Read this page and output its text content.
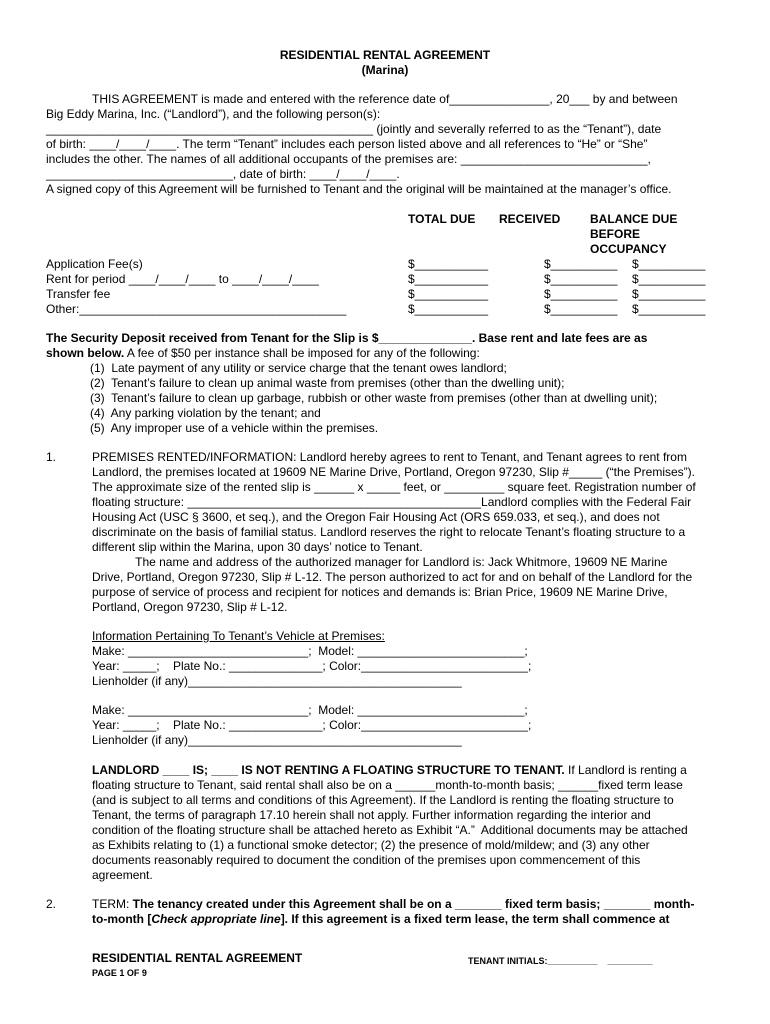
RESIDENTIAL RENTAL AGREEMENT
(Marina)
THIS AGREEMENT is made and entered with the reference date of_______________, 20___ by and between
Big Eddy Marina, Inc. (“Landlord”), and the following person(s):
_________________________________________________ (jointly and severally referred to as the “Tenant”), date
of birth: ____/____/____. The term “Tenant” includes each person listed above and all references to “He” or “She”
includes the other. The names of all additional occupants of the premises are: ____________________________,
____________________________, date of birth: ____/____/____.
A signed copy of this Agreement will be furnished to Tenant and the original will be maintained at the manager’s office.
TOTAL DUE RECEIVED BALANCE DUE
BEFORE
OCCUPANCY
Application Fee(s)	$___________	$__________ $__________
Rent for period ____/____/____ to ____/____/____	$___________	$__________ $__________
Transfer fee	$___________	$__________ $__________
Other:________________________________________	$___________	$__________ $__________
The Security Deposit received from Tenant for the Slip is $______________. Base rent and late fees are as
shown below. A fee of $50 per instance shall be imposed for any of the following:
(1)  Late payment of any utility or service charge that the tenant owes landlord;
(2)  Tenant’s failure to clean up animal waste from premises (other than the dwelling unit);
(3)  Tenant’s failure to clean up garbage, rubbish or other waste from premises (other than at dwelling unit);
(4)  Any parking violation by the tenant; and
(5)  Any improper use of a vehicle within the premises.
1.	PREMISES RENTED/INFORMATION: Landlord hereby agrees to rent to Tenant, and Tenant agrees to rent from
Landlord, the premises located at 19609 NE Marine Drive, Portland, Oregon 97230, Slip #_____ (“the Premises”).
The approximate size of the rented slip is ______ x _____ feet, or _________ square feet. Registration number of
floating structure: ____________________________________________Landlord complies with the Federal Fair
Housing Act (USC § 3600, et seq.), and the Oregon Fair Housing Act (ORS 659.033, et seq.), and does not
discriminate on the basis of familial status. Landlord reserves the right to relocate Tenant’s floating structure to a
different slip within the Marina, upon 30 days’ notice to Tenant.
The name and address of the authorized manager for Landlord is: Jack Whitmore, 19609 NE Marine
Drive, Portland, Oregon 97230, Slip # L-12. The person authorized to act for and on behalf of the Landlord for the
purpose of service of process and recipient for notices and demands is: Brian Price, 19609 NE Marine Drive,
Portland, Oregon 97230, Slip # L-12.
Information Pertaining To Tenant’s Vehicle at Premises:
Make: ___________________________;  Model: _________________________;
Year: _____;    Plate No.: ______________; Color:_________________________;
Lienholder (if any)_________________________________________
Make: ___________________________;  Model: _________________________;
Year: _____;    Plate No.: ______________; Color:_________________________;
Lienholder (if any)_________________________________________
LANDLORD ____ IS; ____ IS NOT RENTING A FLOATING STRUCTURE TO TENANT. If Landlord is renting a
floating structure to Tenant, said rental shall also be on a ______month-to-month basis; ______fixed term lease
(and is subject to all terms and conditions of this Agreement). If the Landlord is renting the floating structure to
Tenant, the terms of paragraph 17.10 herein shall not apply. Further information regarding the interior and
condition of the floating structure shall be attached hereto as Exhibit “A.”  Additional documents may be attached
as Exhibits relating to (1) a functional smoke detector; (2) the presence of mold/mildew; and (3) any other
documents reasonably required to document the condition of the premises upon commencement of this
agreement.
2.	TERM: The tenancy created under this Agreement shall be on a _______ fixed term basis; _______ month-
to-month [Check appropriate line]. If this agreement is a fixed term lease, the term shall commence at
RESIDENTIAL RENTAL AGREEMENT
PAGE 1 OF 9
TENANT INITIALS:__________    _________
